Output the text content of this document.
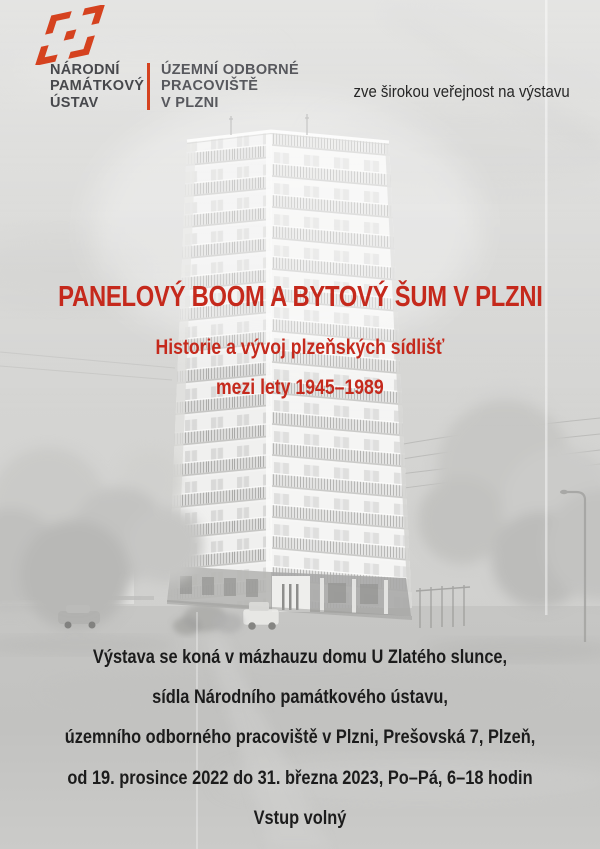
NÁRODNÍ
PAMÁTKOVÝ
ÚSTAV
ÚZEMNÍ ODBORNÉ
PRACOVIŠTĚ
V PLZNI
zve širokou veřejnost na výstavu
PANELOVÝ BOOM A BYTOVÝ ŠUM V PLZNI
Historie a vývoj plzeňských sídlišť
mezi lety 1945–1989
Výstava se koná v mázhauzu domu U Zlatého slunce,
sídla Národního památkového ústavu,
územního odborného pracoviště v Plzni, Prešovská 7, Plzeň,
od 19. prosince 2022 do 31. března 2023, Po–Pá, 6–18 hodin
Vstup volný
